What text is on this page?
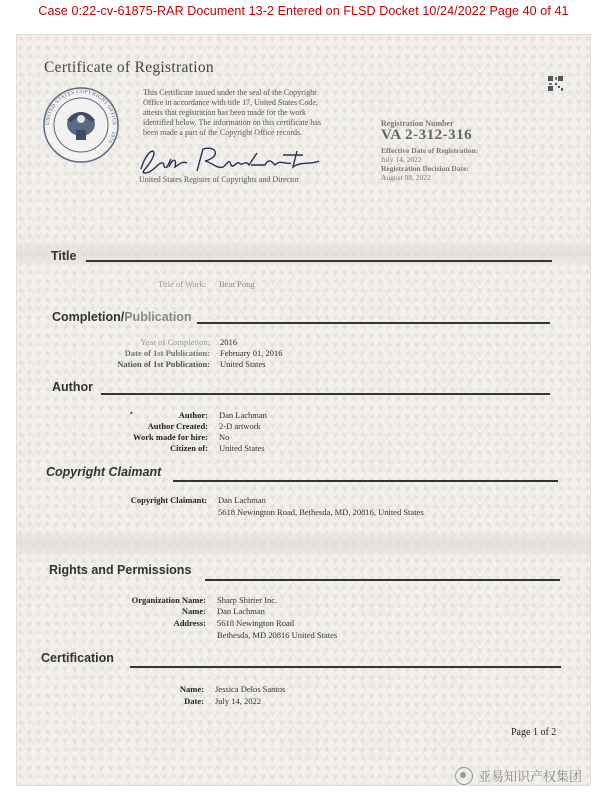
Case 0:22-cv-61875-RAR Document 13-2 Entered on FLSD Docket 10/24/2022 Page 40 of 41
Certificate of Registration
UNITED STATES COPYRIGHT OFFICE · 1870 ·
This Certificate issued under the seal of the Copyright
Office in accordance with title 17, United States Code,
attests that registration has been made for the work
identified below. The information on this certificate has
been made a part of the Copyright Office records.
United States Register of Copyrights and Director
Registration Number
VA 2-312-316
Effective Date of Registration:
July 14, 2022
Registration Decision Date:
August 08, 2022
Title
Title of Work: Bear Pong
Completion/Publication
Year of Completion: 2016
Date of 1st Publication: February 01, 2016
Nation of 1st Publication: United States
Author
•	Author: Dan Lachman
Author Created: 2-D artwork
Work made for hire: No
Citizen of: United States
Copyright Claimant
Copyright Claimant: Dan Lachman
5618 Newington Road, Bethesda, MD, 20816, United States
Rights and Permissions
Organization Name: Sharp Shirter Inc.
Name: Dan Lachman
Address: 5618 Newington Road
Bethesda, MD 20816 United States
Certification
Name: Jessica Delos Santos
Date: July 14, 2022
Page 1 of 2
亚易知识产权集团
